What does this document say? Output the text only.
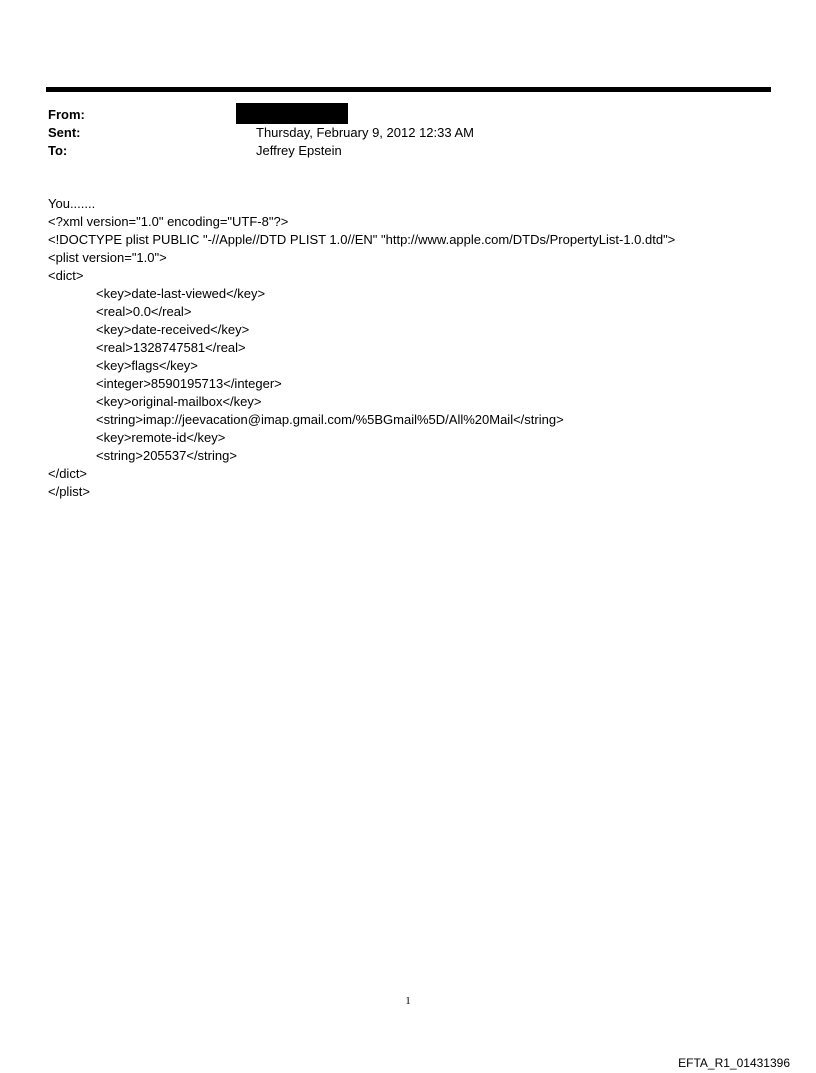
From:
Sent:	Thursday, February 9, 2012 12:33 AM
To:	Jeffrey Epstein
You.......
<?xml version="1.0" encoding="UTF-8"?>
<!DOCTYPE plist PUBLIC "-//Apple//DTD PLIST 1.0//EN" "http://www.apple.com/DTDs/PropertyList-1.0.dtd">
<plist version="1.0">
<dict>
<key>date-last-viewed</key>
<real>0.0</real>
<key>date-received</key>
<real>1328747581</real>
<key>flags</key>
<integer>8590195713</integer>
<key>original-mailbox</key>
<string>imap://jeevacation@imap.gmail.com/%5BGmail%5D/All%20Mail</string>
<key>remote-id</key>
<string>205537</string>
</dict>
</plist>
1
EFTA_R1_01431396
